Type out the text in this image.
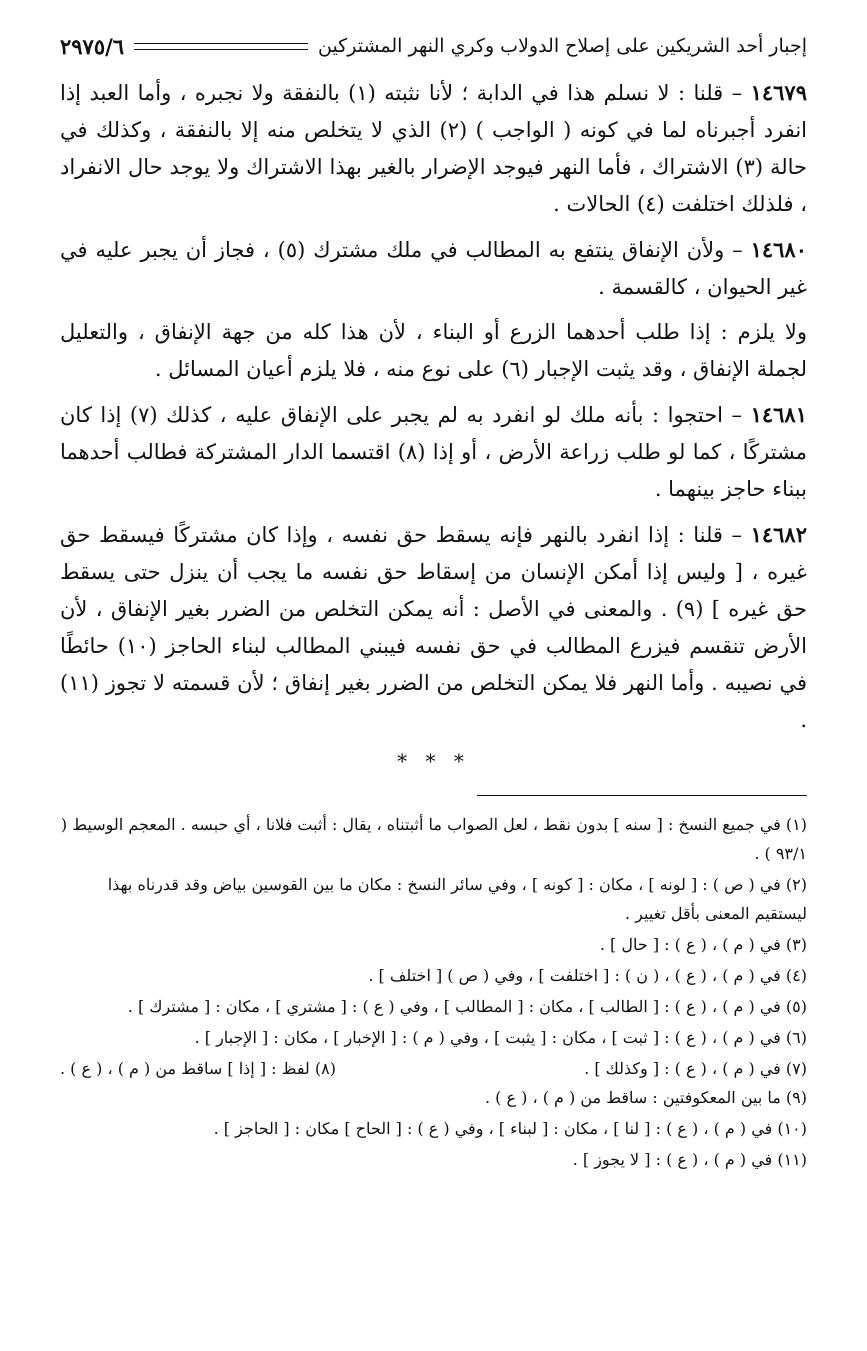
إجبار أحد الشريكين على إصلاح الدولاب وكري النهر المشتركين
٢٩٧٥/٦

١٤٦٧٩ – قلنا : لا نسلم هذا في الدابة ؛ لأنا نثبته (١) بالنفقة ولا نجبره ، وأما العبد إذا انفرد أجبرناه لما في كونه ( الواجب ) (٢) الذي لا يتخلص منه إلا بالنفقة ، وكذلك في حالة (٣) الاشتراك ، فأما النهر فيوجد الإضرار بالغير بهذا الاشتراك ولا يوجد حال الانفراد ، فلذلك اختلفت (٤) الحالات .

١٤٦٨٠ – ولأن الإنفاق ينتفع به المطالب في ملك مشترك (٥) ، فجاز أن يجبر عليه في غير الحيوان ، كالقسمة .

ولا يلزم : إذا طلب أحدهما الزرع أو البناء ، لأن هذا كله من جهة الإنفاق ، والتعليل لجملة الإنفاق ، وقد يثبت الإجبار (٦) على نوع منه ، فلا يلزم أعيان المسائل .

١٤٦٨١ – احتجوا : بأنه ملك لو انفرد به لم يجبر على الإنفاق عليه ، كذلك (٧) إذا كان مشتركًا ، كما لو طلب زراعة الأرض ، أو إذا (٨) اقتسما الدار المشتركة فطالب أحدهما ببناء حاجز بينهما .

١٤٦٨٢ – قلنا : إذا انفرد بالنهر فإنه يسقط حق نفسه ، وإذا كان مشتركًا فيسقط حق غيره ، [ وليس إذا أمكن الإنسان من إسقاط حق نفسه ما يجب أن ينزل حتى يسقط حق غيره ] (٩) . والمعنى في الأصل : أنه يمكن التخلص من الضرر بغير الإنفاق ، لأن الأرض تنقسم فيزرع المطالب في حق نفسه فيبني المطالب لبناء الحاجز (١٠) حائطًا في نصيبه . وأما النهر فلا يمكن التخلص من الضرر بغير إنفاق ؛ لأن قسمته لا تجوز (١١) .

* * *
(١) في جميع النسخ : [ سنه ] بدون نقط ، لعل الصواب ما أثبتناه ، يقال : أثبت فلانا ، أي حبسه . المعجم الوسيط ( ٩٣/١ ) .
(٢) في ( ص ) : [ لونه ] ، مكان : [ كونه ] ، وفي سائر النسخ : مكان ما بين القوسين بياض وقد قدرناه بهذا ليستقيم المعنى بأقل تغيير .
(٣) في ( م ) ، ( ع ) : [ حال ] .
(٤) في ( م ) ، ( ع ) ، ( ن ) : [ اختلفت ] ، وفي ( ص ) [ اختلف ] .
(٥) في ( م ) ، ( ع ) : [ الطالب ] ، مكان : [ المطالب ] ، وفي ( ع ) : [ مشتري ] ، مكان : [ مشترك ] .
(٦) في ( م ) ، ( ع ) : [ ثبت ] ، مكان : [ يثبت ] ، وفي ( م ) : [ الإخبار ] ، مكان : [ الإجبار ] .
(٧) في ( م ) ، ( ع ) : [ وكذلك ] .
(٨) لفظ : [ إذا ] ساقط من ( م ) ، ( ع ) .
(٩) ما بين المعكوفتين : ساقط من ( م ) ، ( ع ) .
(١٠) في ( م ) ، ( ع ) : [ لنا ] ، مكان : [ لبناء ] ، وفي ( ع ) : [ الحاح ] مكان : [ الحاجز ] .
(١١) في ( م ) ، ( ع ) : [ لا يجوز ] .
